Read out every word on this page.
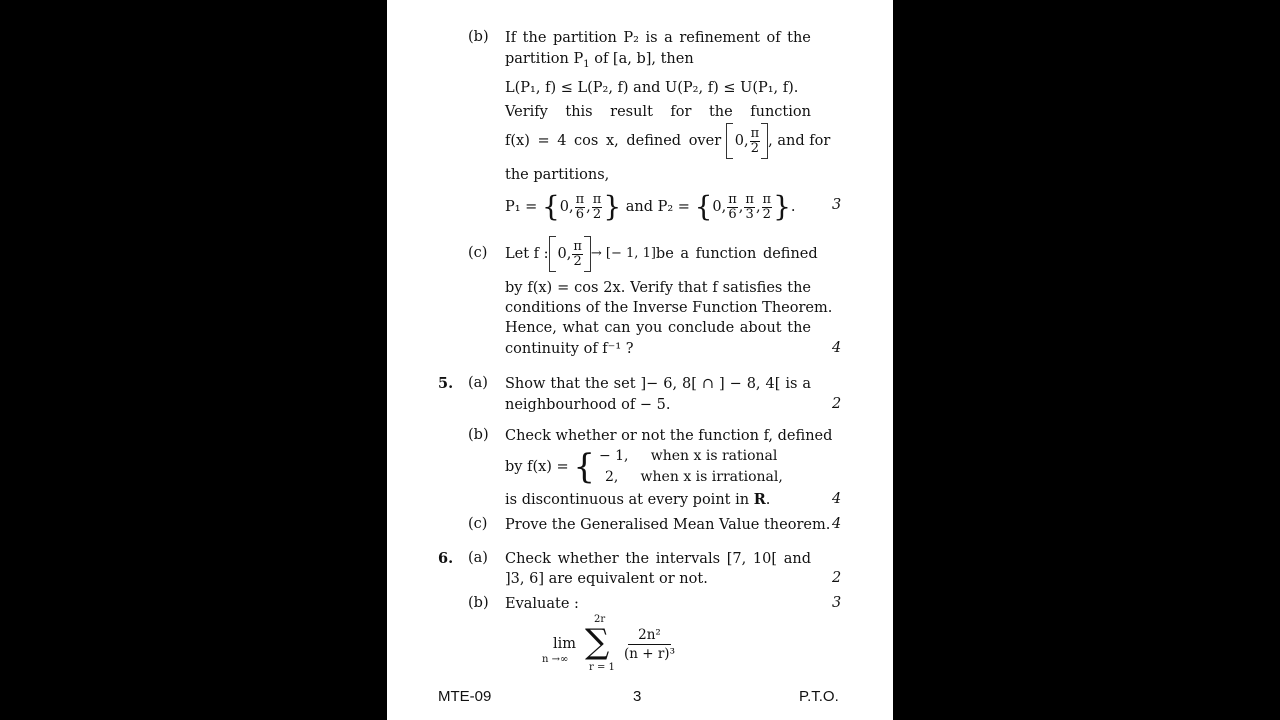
(b) If the partition P₂ is a refinement of the
partition $P_1$ of [a, b], then
L(P₁, f) ≤ L(P₂, f) and U(P₂, f) ≤ U(P₁, f).
Verify this result for the function
f(x) = 4 cos x, defined over 0, $\frac{\pi}{2}$ , and for
the partitions,
P₁ = {0, $\frac{\pi}{6}$ , $\frac{\pi}{2}$ } and P₂ = {0, $\frac{\pi}{6}$ , $\frac{\pi}{3}$ , $\frac{\pi}{2}$ }.	3
(c) Let f : 0, $\frac{\pi}{2}$ → [− 1, 1] be a function defined
by f(x) = cos 2x. Verify that f satisfies the
conditions of the Inverse Function Theorem.
Hence, what can you conclude about the
continuity of f⁻¹ ?	4
5. (a) Show that the set ]− 6, 8[ ∩ ] − 8, 4[ is a
neighbourhood of − 5.	2
(b) Check whether or not the function f, defined
by f(x) = { − 1,     when x is rational
2,     when x is irrational,
is discontinuous at every point in R.	4
(c) Prove the Generalised Mean Value theorem. 4
6. (a) Check whether the intervals [7, 10[ and
]3, 6] are equivalent or not.	2
(b) Evaluate :	3
lim
n →∞
2r
∑
r = 1
$\frac{\text{2n²}}{\text{(n + r)³}}$
MTE-09	3	P.T.O.
